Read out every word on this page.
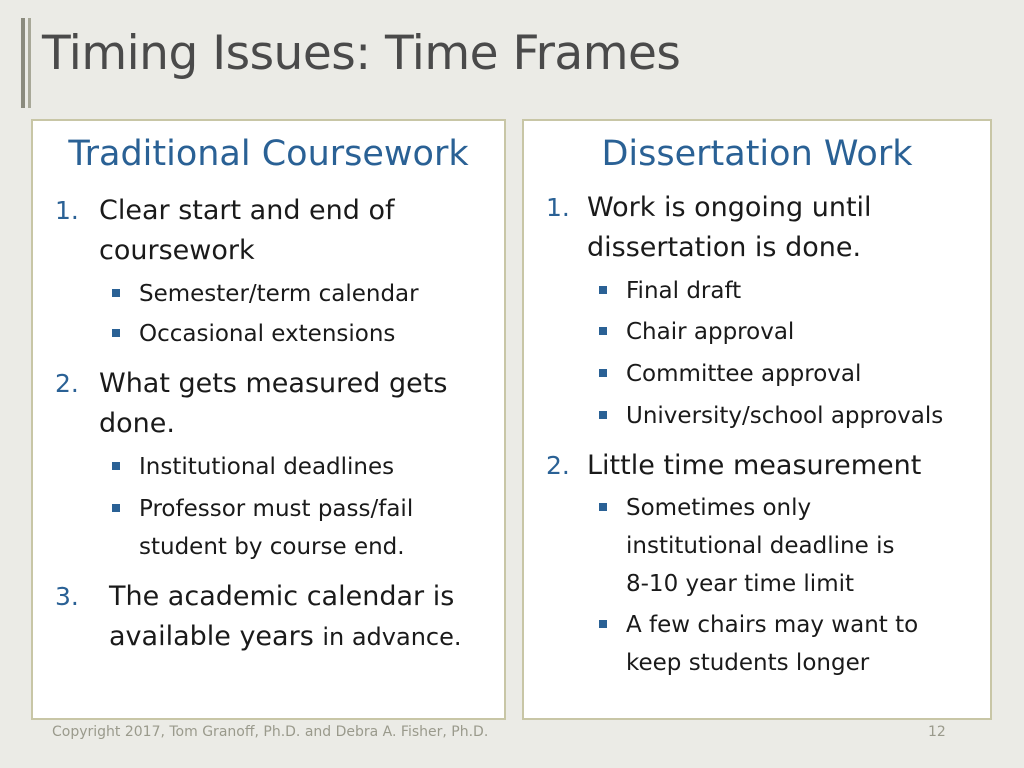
Timing Issues: Time Frames
Traditional Coursework
1. Clear start and end of
coursework
Semester/term calendar
Occasional extensions
2. What gets measured gets
done.
Institutional deadlines
Professor must pass/fail
student by course end.
3. The academic calendar is
available years in advance.
Dissertation Work
1. Work is ongoing until
dissertation is done.
Final draft
Chair approval
Committee approval
University/school approvals
2. Little time measurement
Sometimes only
institutional deadline is
8-10 year time limit
A few chairs may want to
keep students longer
Copyright 2017, Tom Granoff, Ph.D. and Debra A. Fisher, Ph.D.	12
